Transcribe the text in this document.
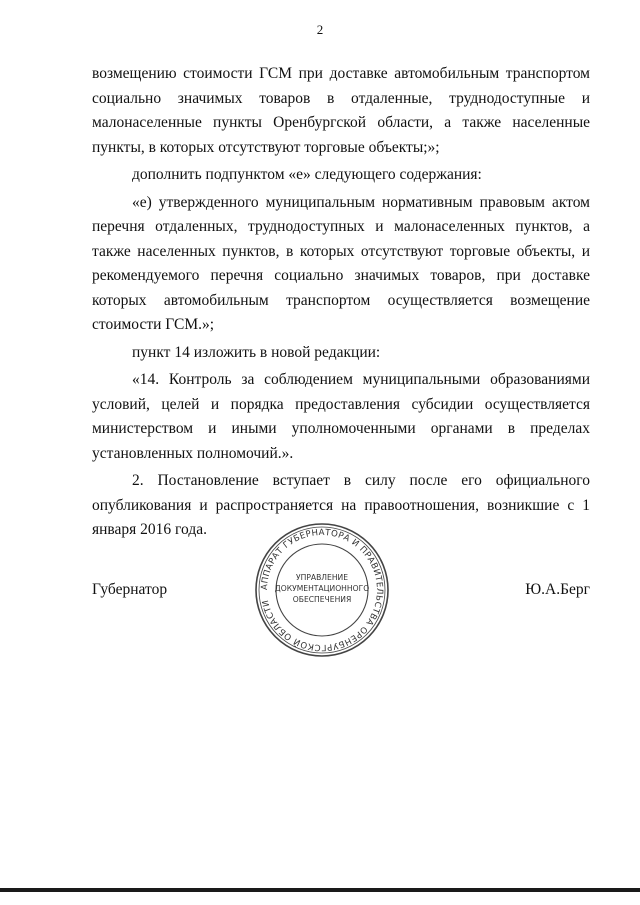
2

возмещению стоимости ГСМ при доставке автомобильным транспортом социально значимых товаров в отдаленные, труднодоступные и малонаселенные пункты Оренбургской области, а также населенные пункты, в которых отсутствуют торговые объекты;»;

дополнить подпунктом «е» следующего содержания:

«е) утвержденного муниципальным нормативным правовым актом перечня отдаленных, труднодоступных и малонаселенных пунктов, а также населенных пунктов, в которых отсутствуют торговые объекты, и рекомендуемого перечня социально значимых товаров, при доставке которых автомобильным транспортом осуществляется возмещение стоимости ГСМ.»;

пункт 14 изложить в новой редакции:

«14. Контроль за соблюдением муниципальными образованиями условий, целей и порядка предоставления субсидии осуществляется министерством и иными уполномоченными органами в пределах установленных полномочий.».

2. Постановление вступает в силу после его официального опубликования и распространяется на правоотношения, возникшие с 1 января 2016 года.

Губернатор	Ю.А.Берг
АППАРАТ ГУБЕРНАТОРА И ПРАВИТЕЛЬСТВА ОРЕНБУРГСКОЙ ОБЛАСТИ
УПРАВЛЕНИЕ
ДОКУМЕНТАЦИОННОГО
ОБЕСПЕЧЕНИЯ
